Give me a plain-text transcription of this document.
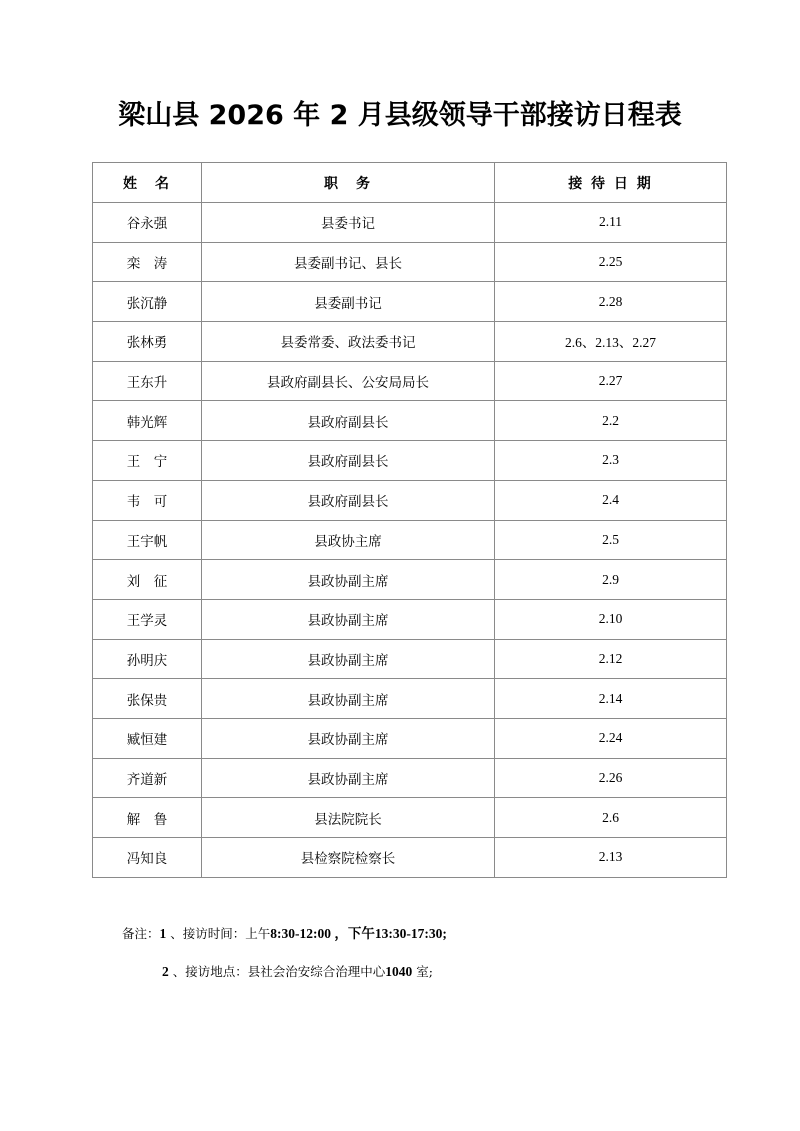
梁山县 2026 年 2 月县级领导干部接访日程表
姓　名	职　务	接 待 日 期
谷永强	县委书记	2.11
栾　涛	县委副书记、县长	2.25
张沉静	县委副书记	2.28
张林勇	县委常委、政法委书记	2.6、2.13、2.27
王东升	县政府副县长、公安局局长	2.27
韩光辉	县政府副县长	2.2
王　宁	县政府副县长	2.3
韦　可	县政府副县长	2.4
王宇帆	县政协主席	2.5
刘　征	县政协副主席	2.9
王学灵	县政协副主席	2.10
孙明庆	县政协副主席	2.12
张保贵	县政协副主席	2.14
臧恒建	县政协副主席	2.24
齐道新	县政协副主席	2.26
解　鲁	县法院院长	2.6
冯知良	县检察院检察长	2.13
备注：1 、接访时间：上午8:30-12:00 ，下午13:30-17:30;
2 、接访地点：县社会治安综合治理中心1040 室;
